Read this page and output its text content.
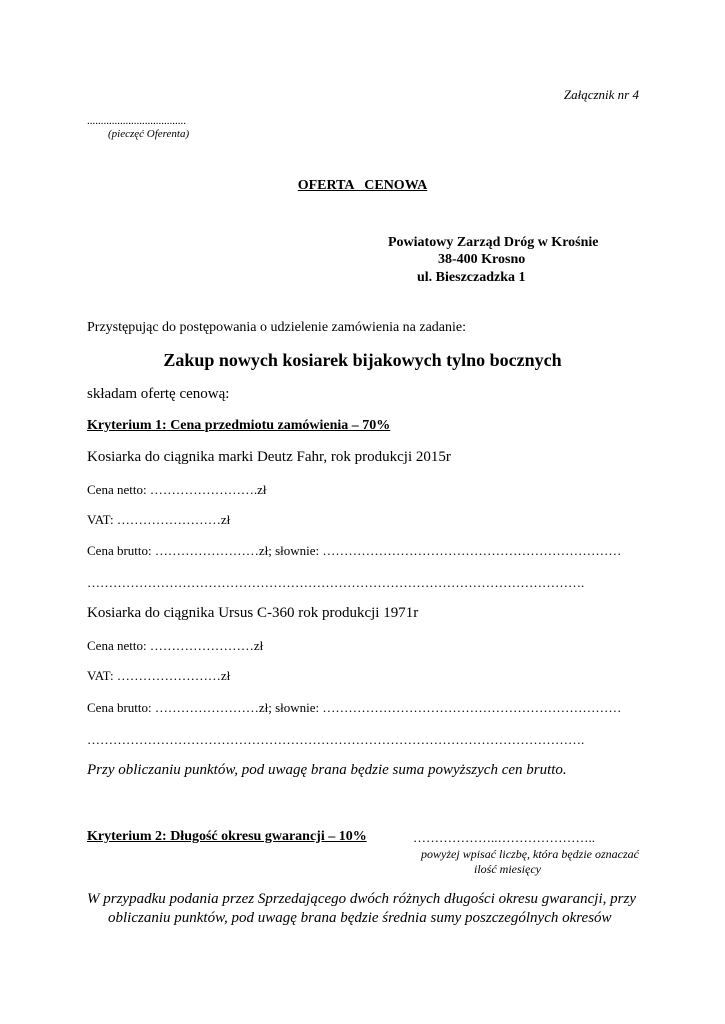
Załącznik nr 4
....................................
(pieczęć Oferenta)
OFERTA   CENOWA
Powiatowy Zarząd Dróg w Krośnie
38-400 Krosno
ul. Bieszczadzka 1
Przystępując do postępowania o udzielenie zamówienia na zadanie:
Zakup nowych kosiarek bijakowych tylno bocznych
składam ofertę cenową:
Kryterium 1: Cena przedmiotu zamówienia – 70%
Kosiarka do ciągnika marki Deutz Fahr, rok produkcji 2015r
Cena netto: …………………….zł
VAT: ……………………zł
Cena brutto: ……………………zł; słownie: ……………………………………………………………
…………………………………………………………………………………………………….
Kosiarka do ciągnika Ursus C-360 rok produkcji 1971r
Cena netto: ……………………zł
VAT: ……………………zł
Cena brutto: ……………………zł; słownie: ……………………………………………………………
…………………………………………………………………………………………………….
Przy obliczaniu punktów, pod uwagę brana będzie suma powyższych cen brutto.
Kryterium 2: Długość okresu gwarancji – 10%	………………..…………………..
powyżej wpisać liczbę, która będzie oznaczać
ilość miesięcy
W przypadku podania przez Sprzedającego dwóch różnych długości okresu gwarancji, przy
obliczaniu punktów, pod uwagę brana będzie średnia sumy poszczególnych okresów
